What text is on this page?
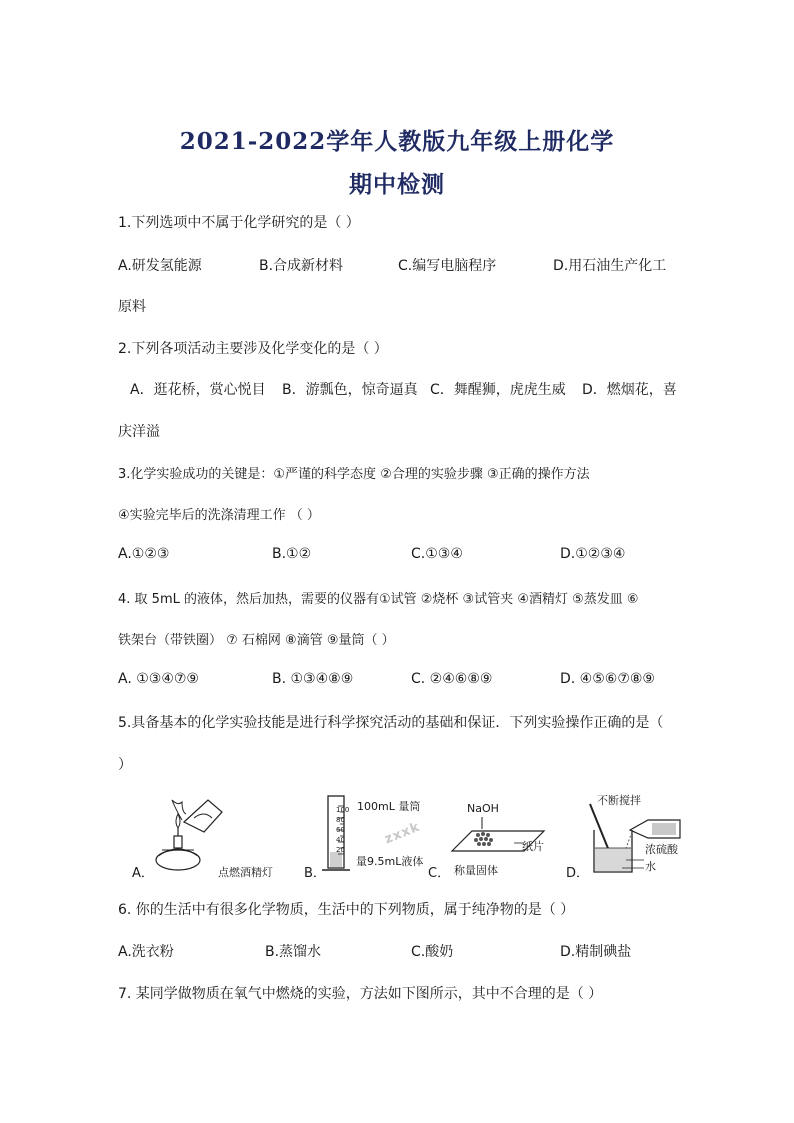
2021-2022学年人教版九年级上册化学
期中检测
1.下列选项中不属于化学研究的是（ ）
A.研发氢能源	B.合成新材料	C.编写电脑程序	D.用石油生产化工
原料
2.下列各项活动主要涉及化学变化的是（ ）
A．逛花桥，赏心悦目 B．游瓢色，惊奇逼真 C．舞醒狮，虎虎生威 D．燃烟花，喜
庆洋溢
3.化学实验成功的关键是：①严谨的科学态度 ②合理的实验步骤 ③正确的操作方法
④实验完毕后的洗涤清理工作 （ ）
A.①②③	B.①②	C.①③④	D.①②③④
4. 取 5mL 的液体，然后加热，需要的仪器有①试管 ②烧杯 ③试管夹 ④酒精灯 ⑤蒸发皿 ⑥
铁架台（带铁圈） ⑦ 石棉网 ⑧滴管 ⑨量筒（ ）
A. ①③④⑦⑨	B. ①③④⑧⑨	C. ②④⑥⑧⑨	D. ④⑤⑥⑦⑧⑨
5.具备基本的化学实验技能是进行科学探究活动的基础和保证．下列实验操作正确的是（
）
A．	点燃酒精灯 B．
100
80
60
40
20
100mL 量筒
量9.5mL液体
zxxk
C．
NaOH
纸片
称量固体	D．
不断搅拌
浓硫酸
水
6. 你的生活中有很多化学物质，生活中的下列物质，属于纯净物的是（ ）
A.洗衣粉	B.蒸馏水	C.酸奶	D.精制碘盐
7. 某同学做物质在氧气中燃烧的实验，方法如下图所示，其中不合理的是（ ）
